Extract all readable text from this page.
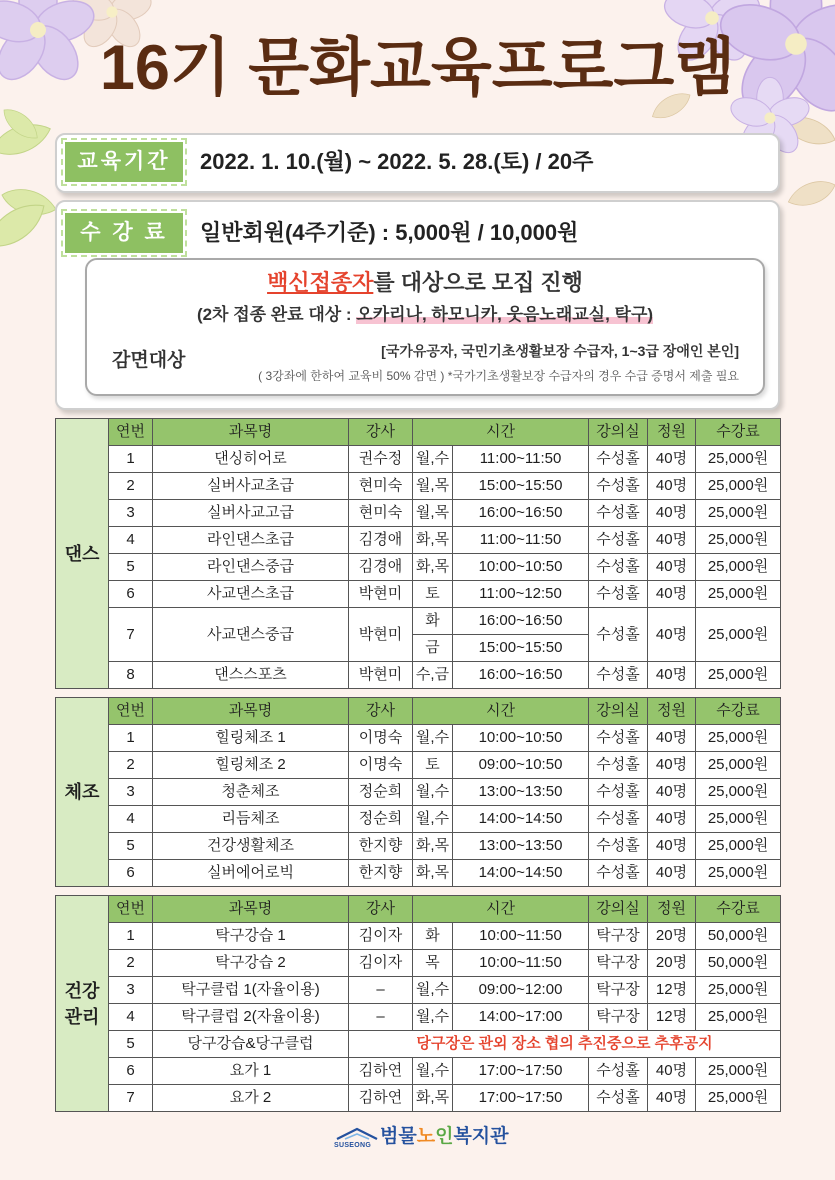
16기 문화교육프로그램
교육기간	2022. 1. 10.(월) ~ 2022. 5. 28.(토) / 20주
수 강 료	일반회원(4주기준) : 5,000원 / 10,000원
백신접종자를 대상으로 모집 진행
(2차 접종 완료 대상 : 오카리나, 하모니카, 웃음노래교실, 탁구)
감면대상	[국가유공자, 국민기초생활보장 수급자, 1~3급 장애인 본인]
( 3강좌에 한하여 교육비 50% 감면 ) *국가기초생활보장 수급자의 경우 수급 증명서 제출 필요
댄스	연번	과목명	강사	시간		강의실	정원	수강료
	1	댄싱히어로	권수정	월,수	11:00~11:50	수성홀	40명	25,000원
	2	실버사교초급	현미숙	월,목	15:00~15:50	수성홀	40명	25,000원
	3	실버사교고급	현미숙	월,목	16:00~16:50	수성홀	40명	25,000원
	4	라인댄스초급	김경애	화,목	11:00~11:50	수성홀	40명	25,000원
	5	라인댄스중급	김경애	화,목	10:00~10:50	수성홀	40명	25,000원
	6	사교댄스초급	박현미	토	11:00~12:50	수성홀	40명	25,000원
	7	사교댄스중급	박현미	화	16:00~16:50	수성홀	40명	25,000원
				금	15:00~15:50			
	8	댄스스포츠	박현미	수,금	16:00~16:50	수성홀	40명	25,000원
체조	연번	과목명	강사	시간		강의실	정원	수강료
	1	힐링체조 1	이명숙	월,수	10:00~10:50	수성홀	40명	25,000원
	2	힐링체조 2	이명숙	토	09:00~10:50	수성홀	40명	25,000원
	3	청춘체조	정순희	월,수	13:00~13:50	수성홀	40명	25,000원
	4	리듬체조	정순희	월,수	14:00~14:50	수성홀	40명	25,000원
	5	건강생활체조	한지향	화,목	13:00~13:50	수성홀	40명	25,000원
	6	실버에어로빅	한지향	화,목	14:00~14:50	수성홀	40명	25,000원
건강
관리	연번	과목명	강사	시간		강의실	정원	수강료
	1	탁구강습 1	김이자	화	10:00~11:50	탁구장	20명	50,000원
	2	탁구강습 2	김이자	목	10:00~11:50	탁구장	20명	50,000원
	3	탁구클럽 1(자율이용)	–	월,수	09:00~12:00	탁구장	12명	25,000원
	4	탁구클럽 2(자율이용)	–	월,수	14:00~17:00	탁구장	12명	25,000원
	5	당구강습&당구클럽	당구장은 관외 장소 협의 추진중으로 추후공지					
	6	요가 1	김하연	월,수	17:00~17:50	수성홀	40명	25,000원
	7	요가 2	김하연	화,목	17:00~17:50	수성홀	40명	25,000원
SUSEONG 범물노인복지관
